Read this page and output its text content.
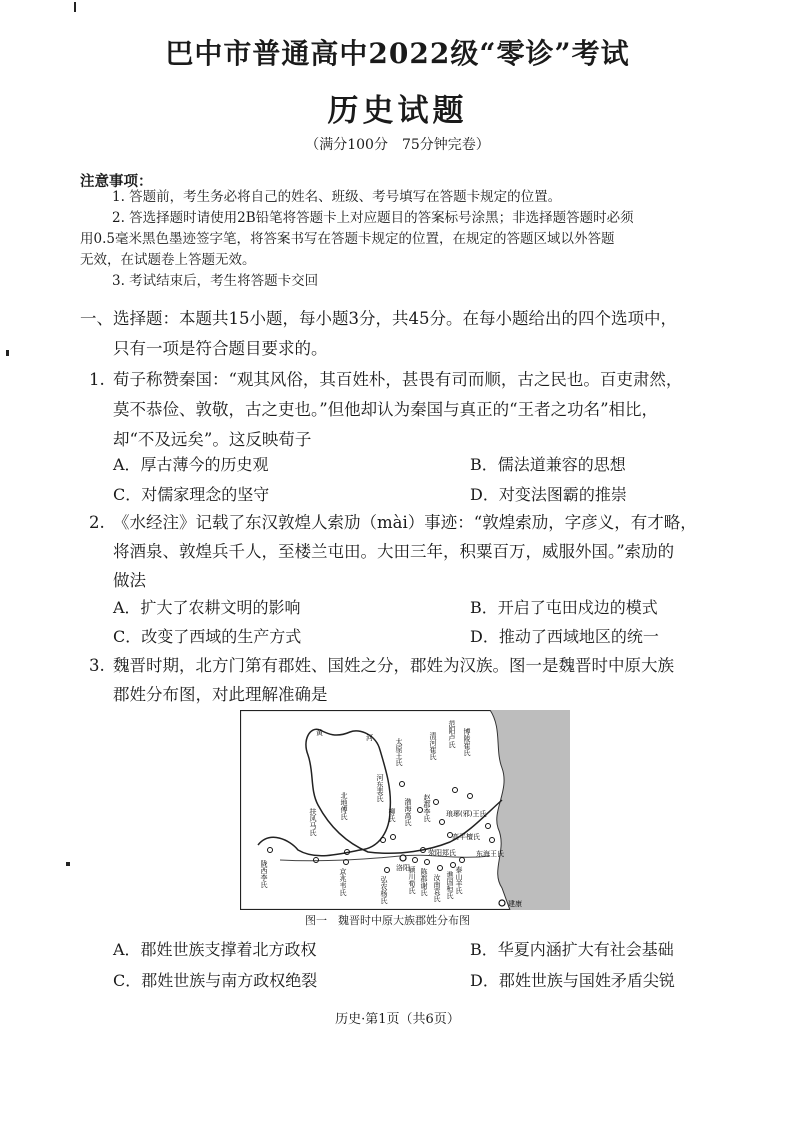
巴中市普通高中2022级“零诊”考试
历史试题
（满分100分　75分钟完卷）
注意事项：
1. 答题前，考生务必将自己的姓名、班级、考号填写在答题卡规定的位置。
2. 答选择题时请使用2B铅笔将答题卡上对应题目的答案标号涂黑；非选择题答题时必须
用0.5毫米黑色墨迹签字笔，将答案书写在答题卡规定的位置，在规定的答题区域以外答题
无效，在试题卷上答题无效。
3. 考试结束后，考生将答题卡交回
一、选择题：本题共15小题，每小题3分，共45分。在每小题给出的四个选项中，
只有一项是符合题目要求的。
1. 荀子称赞秦国：“观其风俗，其百姓朴，甚畏有司而顺，古之民也。百吏肃然，
莫不恭俭、敦敬，古之吏也。”但他却认为秦国与真正的“王者之功名”相比，
却“不及远矣”。这反映荀子
A．厚古薄今的历史观	B．儒法道兼容的思想
C．对儒家理念的坚守	D．对变法图霸的推崇
2. 《水经注》记载了东汉敦煌人索劢（mài）事迹：“敦煌索劢，字彦义，有才略，
将酒泉、敦煌兵千人，至楼兰屯田。大田三年，积粟百万，威服外国。”索劢的
做法
A．扩大了农耕文明的影响	B．开启了屯田戍边的模式
C．改变了西域的生产方式	D．推动了西域地区的统一
3. 魏晋时期，北方门第有郡姓、国姓之分，郡姓为汉族。图一是魏晋时中原大族
郡姓分布图，对此理解准确是
黄
河	范阳卢氏
清河崔氏	博陵崔氏
太原王氏
河东裴氏
柳氏
北地傅氏
京兆韦氏
陇西李氏
荥阳郑氏
琅琊(邪)王氏
高平檀氏
东海王氏
赵郡李氏
渤海高氏
颍川荀氏 陈郡谢氏	谯国桓氏
扶风马氏
弘农杨氏	汝南袁氏 泰山羊氏
洛阳
建康
图一　魏晋时中原大族郡姓分布图
A．郡姓世族支撑着北方政权	B．华夏内涵扩大有社会基础
C．郡姓世族与南方政权绝裂	D．郡姓世族与国姓矛盾尖锐
历史·第1页（共6页）
